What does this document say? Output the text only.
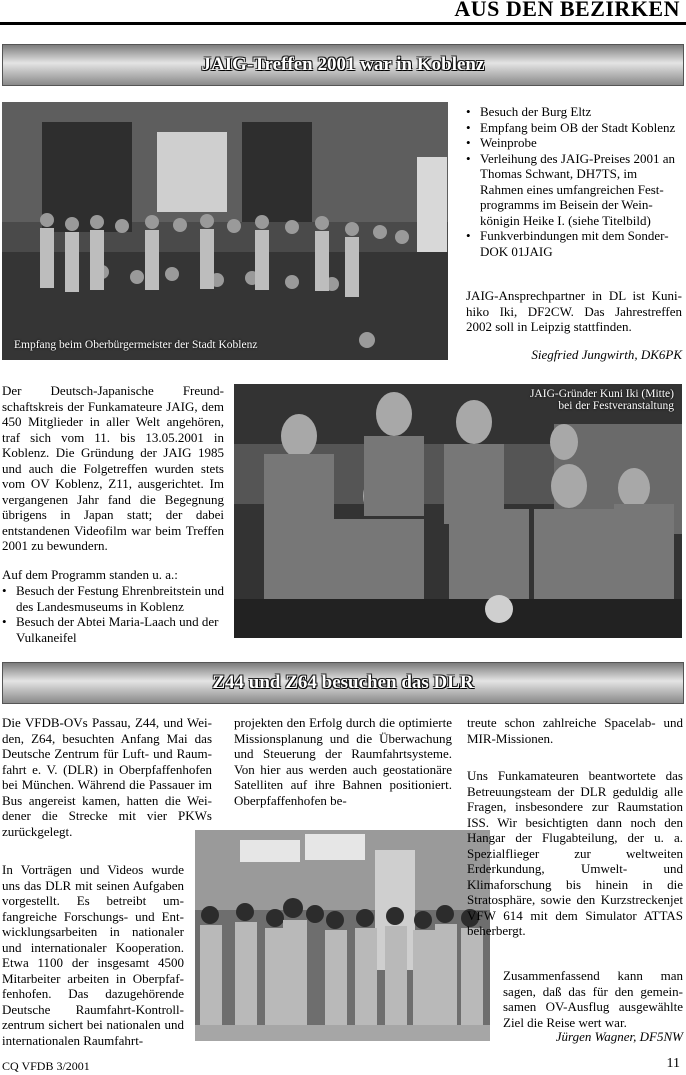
AUS DEN BEZIRKEN
JAIG-Treffen 2001 war in Koblenz
Empfang beim Oberbürgermeister der Stadt Koblenz
• Besuch der Burg Eltz
• Empfang beim OB der Stadt Koblenz
• Weinprobe
• Verleihung des JAIG-Preises 2001 an Thomas Schwant, DH7TS, im Rahmen eines umfangreichen Festprogramms im Beisein der Weinkönigin Heike I. (siehe Titelbild)
• Funkverbindungen mit dem Sonder-DOK 01JAIG
JAIG-Ansprechpartner in DL ist Kunihiko Iki, DF2CW. Das Jahrestreffen 2002 soll in Leipzig stattfinden.
Siegfried Jungwirth, DK6PK
Der Deutsch-Japanische Freundschaftskreis der Funkamateure JAIG, dem 450 Mitglieder in aller Welt angehören, traf sich vom 11. bis 13.05.2001 in Koblenz. Die Gründung der JAIG 1985 und auch die Folgetreffen wurden stets vom OV Koblenz, Z11, ausgerichtet. Im vergangenen Jahr fand die Begegnung übrigens in Japan statt; der dabei entstandenen Videofilm war beim Treffen 2001 zu bewundern.
Auf dem Programm standen u. a.:
• Besuch der Festung Ehrenbreitstein und des Landesmuseums in Koblenz
• Besuch der Abtei Maria-Laach und der Vulkaneifel
JAIG-Gründer Kuni Iki (Mitte)
bei der Festveranstaltung
Z44 und Z64 besuchen das DLR
Die VFDB-OVs Passau, Z44, und Weiden, Z64, besuchten Anfang Mai das Deutsche Zentrum für Luft- und Raumfahrt e. V. (DLR) in Oberpfaffenhofen bei München. Während die Passauer im Bus angereist kamen, hatten die Weidener die Strecke mit vier PKWs zurückgelegt.
In Vorträgen und Videos wurde uns das DLR mit seinen Aufgaben vorgestellt. Es betreibt umfangreiche Forschungs- und Entwicklungsarbeiten in nationaler und internationaler Kooperation. Etwa 1100 der insgesamt 4500 Mitarbeiter arbeiten in Oberpfaffenhofen. Das dazugehörende Deutsche Raumfahrt-Kontrollzentrum sichert bei nationalen und internationalen Raumfahrt-
projekten den Erfolg durch die optimierte Missionsplanung und die Überwachung und Steuerung der Raumfahrtsysteme. Von hier aus werden auch geostationäre Satelliten auf ihre Bahnen positioniert. Oberpfaffenhofen be-
treute schon zahlreiche Spacelab- und MIR-Missionen.
Uns Funkamateuren beantwortete das Betreuungsteam der DLR geduldig alle Fragen, insbesondere zur Raumstation ISS. Wir besichtigten dann noch den Hangar der Flugabteilung, der u. a. Spezialflieger zur weltweiten Erderkundung, Umwelt- und Klimaforschung bis hinein in die Stratosphäre, sowie den Kurzstreckenjet VFW 614 mit dem Simulator ATTAS beherbergt.
Zusammenfassend kann man sagen, daß das für den gemeinsamen OV-Ausflug ausgewählte Ziel die Reise wert war.
Jürgen Wagner, DF5NW
CQ VFDB 3/2001	11
